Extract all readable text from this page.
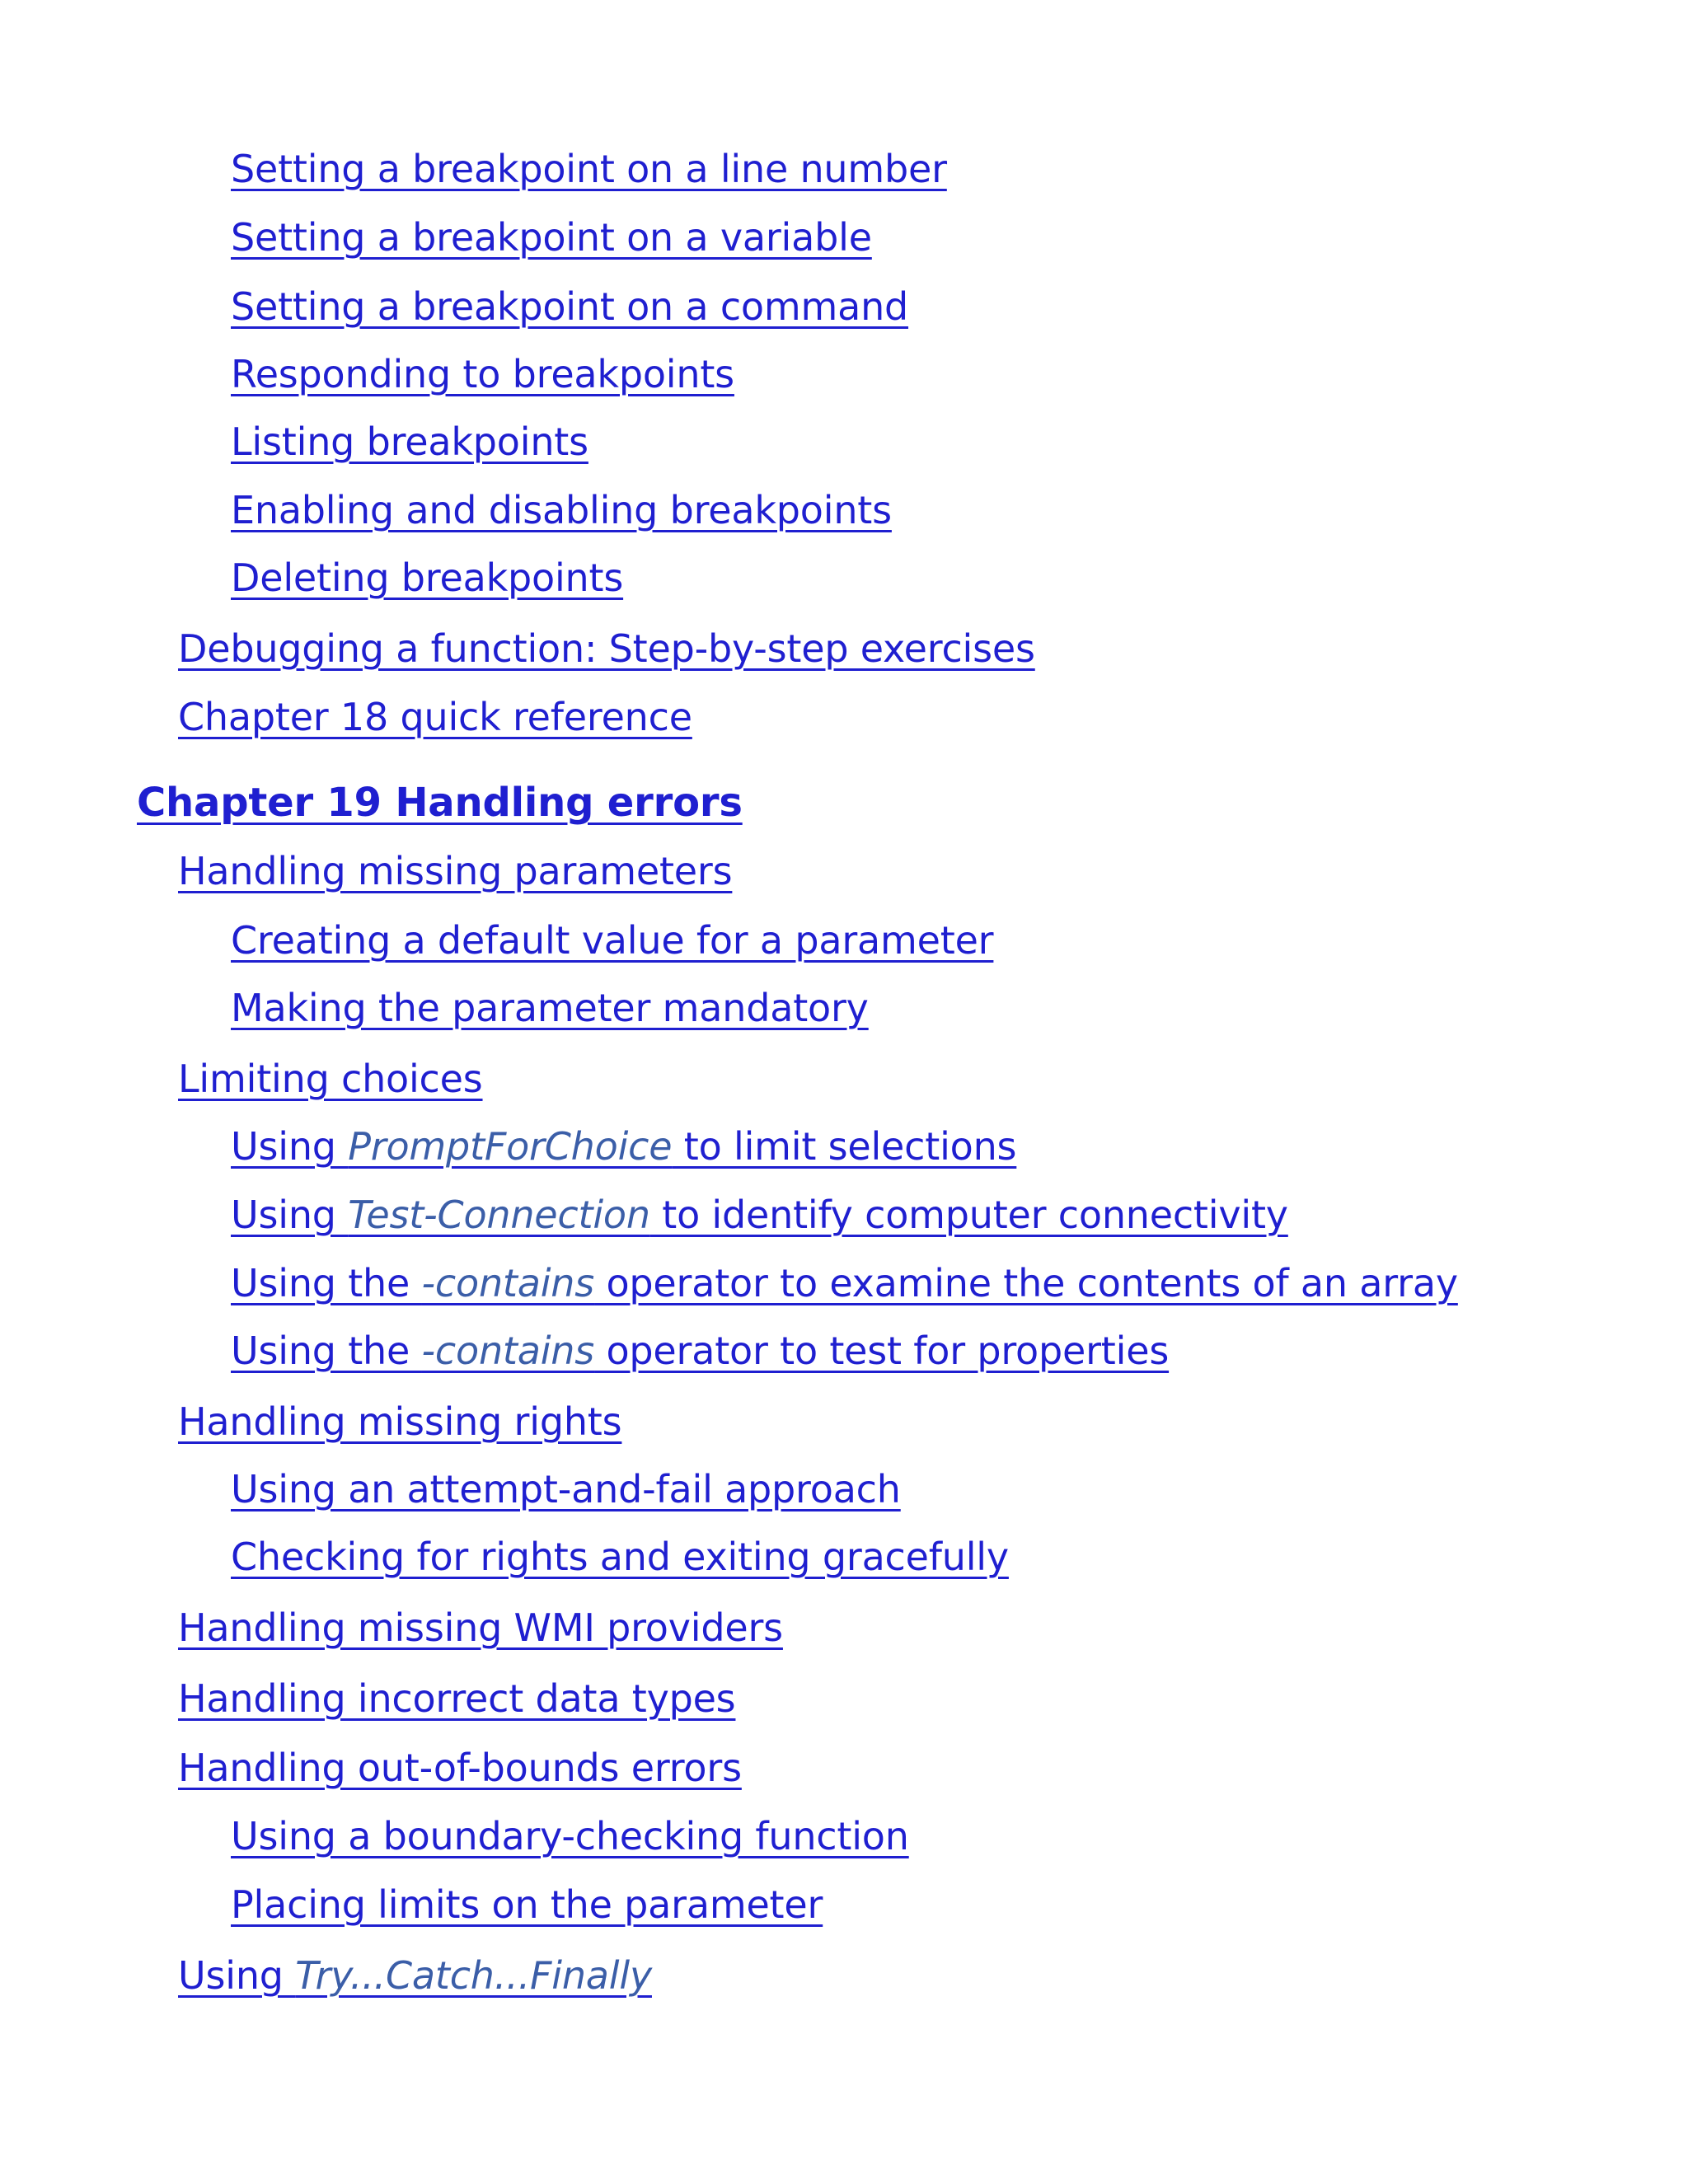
Setting a breakpoint on a line number
Setting a breakpoint on a variable
Setting a breakpoint on a command
Responding to breakpoints
Listing breakpoints
Enabling and disabling breakpoints
Deleting breakpoints
Debugging a function: Step-by-step exercises
Chapter 18 quick reference
Chapter 19 Handling errors
Handling missing parameters
Creating a default value for a parameter
Making the parameter mandatory
Limiting choices
Using PromptForChoice to limit selections
Using Test-Connection to identify computer connectivity
Using the -contains operator to examine the contents of an array
Using the -contains operator to test for properties
Handling missing rights
Using an attempt-and-fail approach
Checking for rights and exiting gracefully
Handling missing WMI providers
Handling incorrect data types
Handling out-of-bounds errors
Using a boundary-checking function
Placing limits on the parameter
Using Try...Catch...Finally
